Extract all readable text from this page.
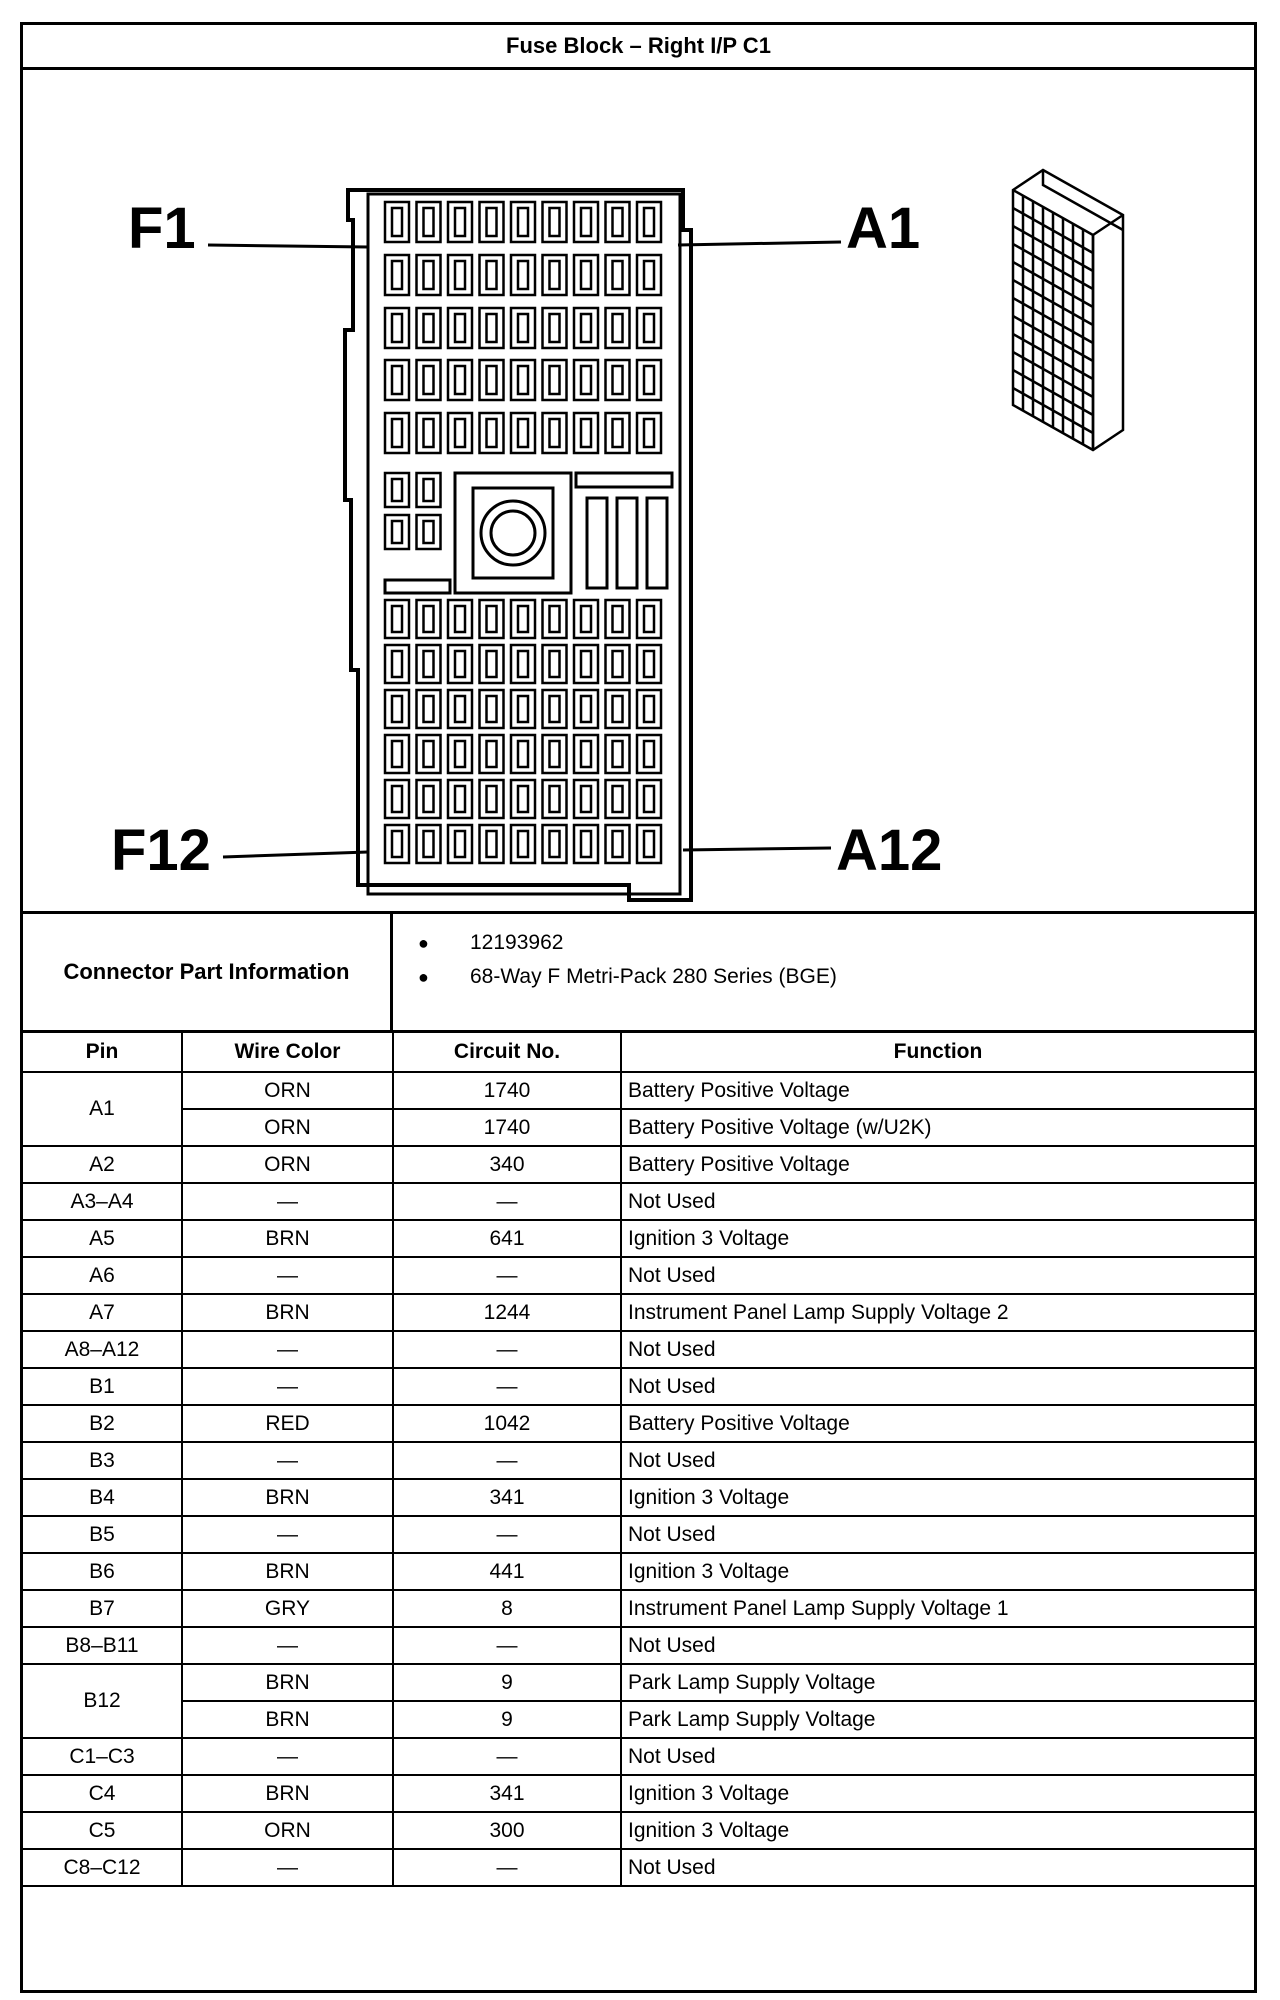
Fuse Block – Right I/P C1
F1	A1
F12	A12
Connector Part Information
●	12193962
●	68-Way F Metri-Pack 280 Series (BGE)
Pin	Wire Color	Circuit No.	Function
A1	ORN	1740	Battery Positive Voltage
	ORN	1740	Battery Positive Voltage (w/U2K)
A2	ORN	340	Battery Positive Voltage
A3–A4	—	—	Not Used
A5	BRN	641	Ignition 3 Voltage
A6	—	—	Not Used
A7	BRN	1244	Instrument Panel Lamp Supply Voltage 2
A8–A12	—	—	Not Used
B1	—	—	Not Used
B2	RED	1042	Battery Positive Voltage
B3	—	—	Not Used
B4	BRN	341	Ignition 3 Voltage
B5	—	—	Not Used
B6	BRN	441	Ignition 3 Voltage
B7	GRY	8	Instrument Panel Lamp Supply Voltage 1
B8–B11	—	—	Not Used
B12	BRN	9	Park Lamp Supply Voltage
	BRN	9	Park Lamp Supply Voltage
C1–C3	—	—	Not Used
C4	BRN	341	Ignition 3 Voltage
C5	ORN	300	Ignition 3 Voltage
C8–C12	—	—	Not Used
